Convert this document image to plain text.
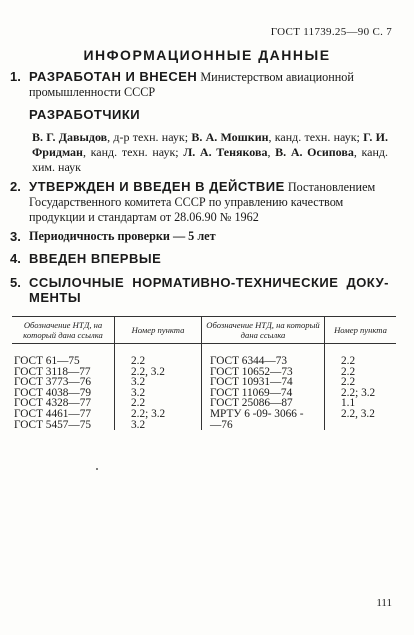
ГОСТ 11739.25—90 С. 7
ИНФОРМАЦИОННЫЕ ДАННЫЕ
1. РАЗРАБОТАН И ВНЕСЕН Министерством авиационной промышленности СССР
РАЗРАБОТЧИКИ
В. Г. Давыдов, д-р техн. наук; В. А. Мошкин, канд. техн. наук; Г. И. Фридман, канд. техн. наук; Л. А. Тенякова, В. А. Осипова, канд. хим. наук
2. УТВЕРЖДЕН И ВВЕДЕН В ДЕЙСТВИЕ Постановлением Государственного комитета СССР по управлению качеством продукции и стандартам от 28.06.90 № 1962
3. Периодичность проверки — 5 лет
4. ВВЕДЕН ВПЕРВЫЕ
5. ССЫЛОЧНЫЕ НОРМАТИВНО-ТЕХНИЧЕСКИЕ ДОКУ-
МЕНТЫ
Обозначение НТД, на который дана ссылка	Номер пункта	Обозначение НТД, на который дана ссылка	Номер пункта
ГОСТ 61—75	2.2	ГОСТ 6344—73	2.2
ГОСТ 3118—77	2.2, 3.2	ГОСТ 10652—73	2.2
ГОСТ 3773—76	3.2	ГОСТ 10931—74	2.2
ГОСТ 4038—79	3.2	ГОСТ 11069—74	2.2; 3.2
ГОСТ 4328—77	2.2	ГОСТ 25086—87	1.1
ГОСТ 4461—77	2.2; 3.2	МРТУ 6 -09- 3066 -	2.2, 3.2
ГОСТ 5457—75	3.2	—76	
111
